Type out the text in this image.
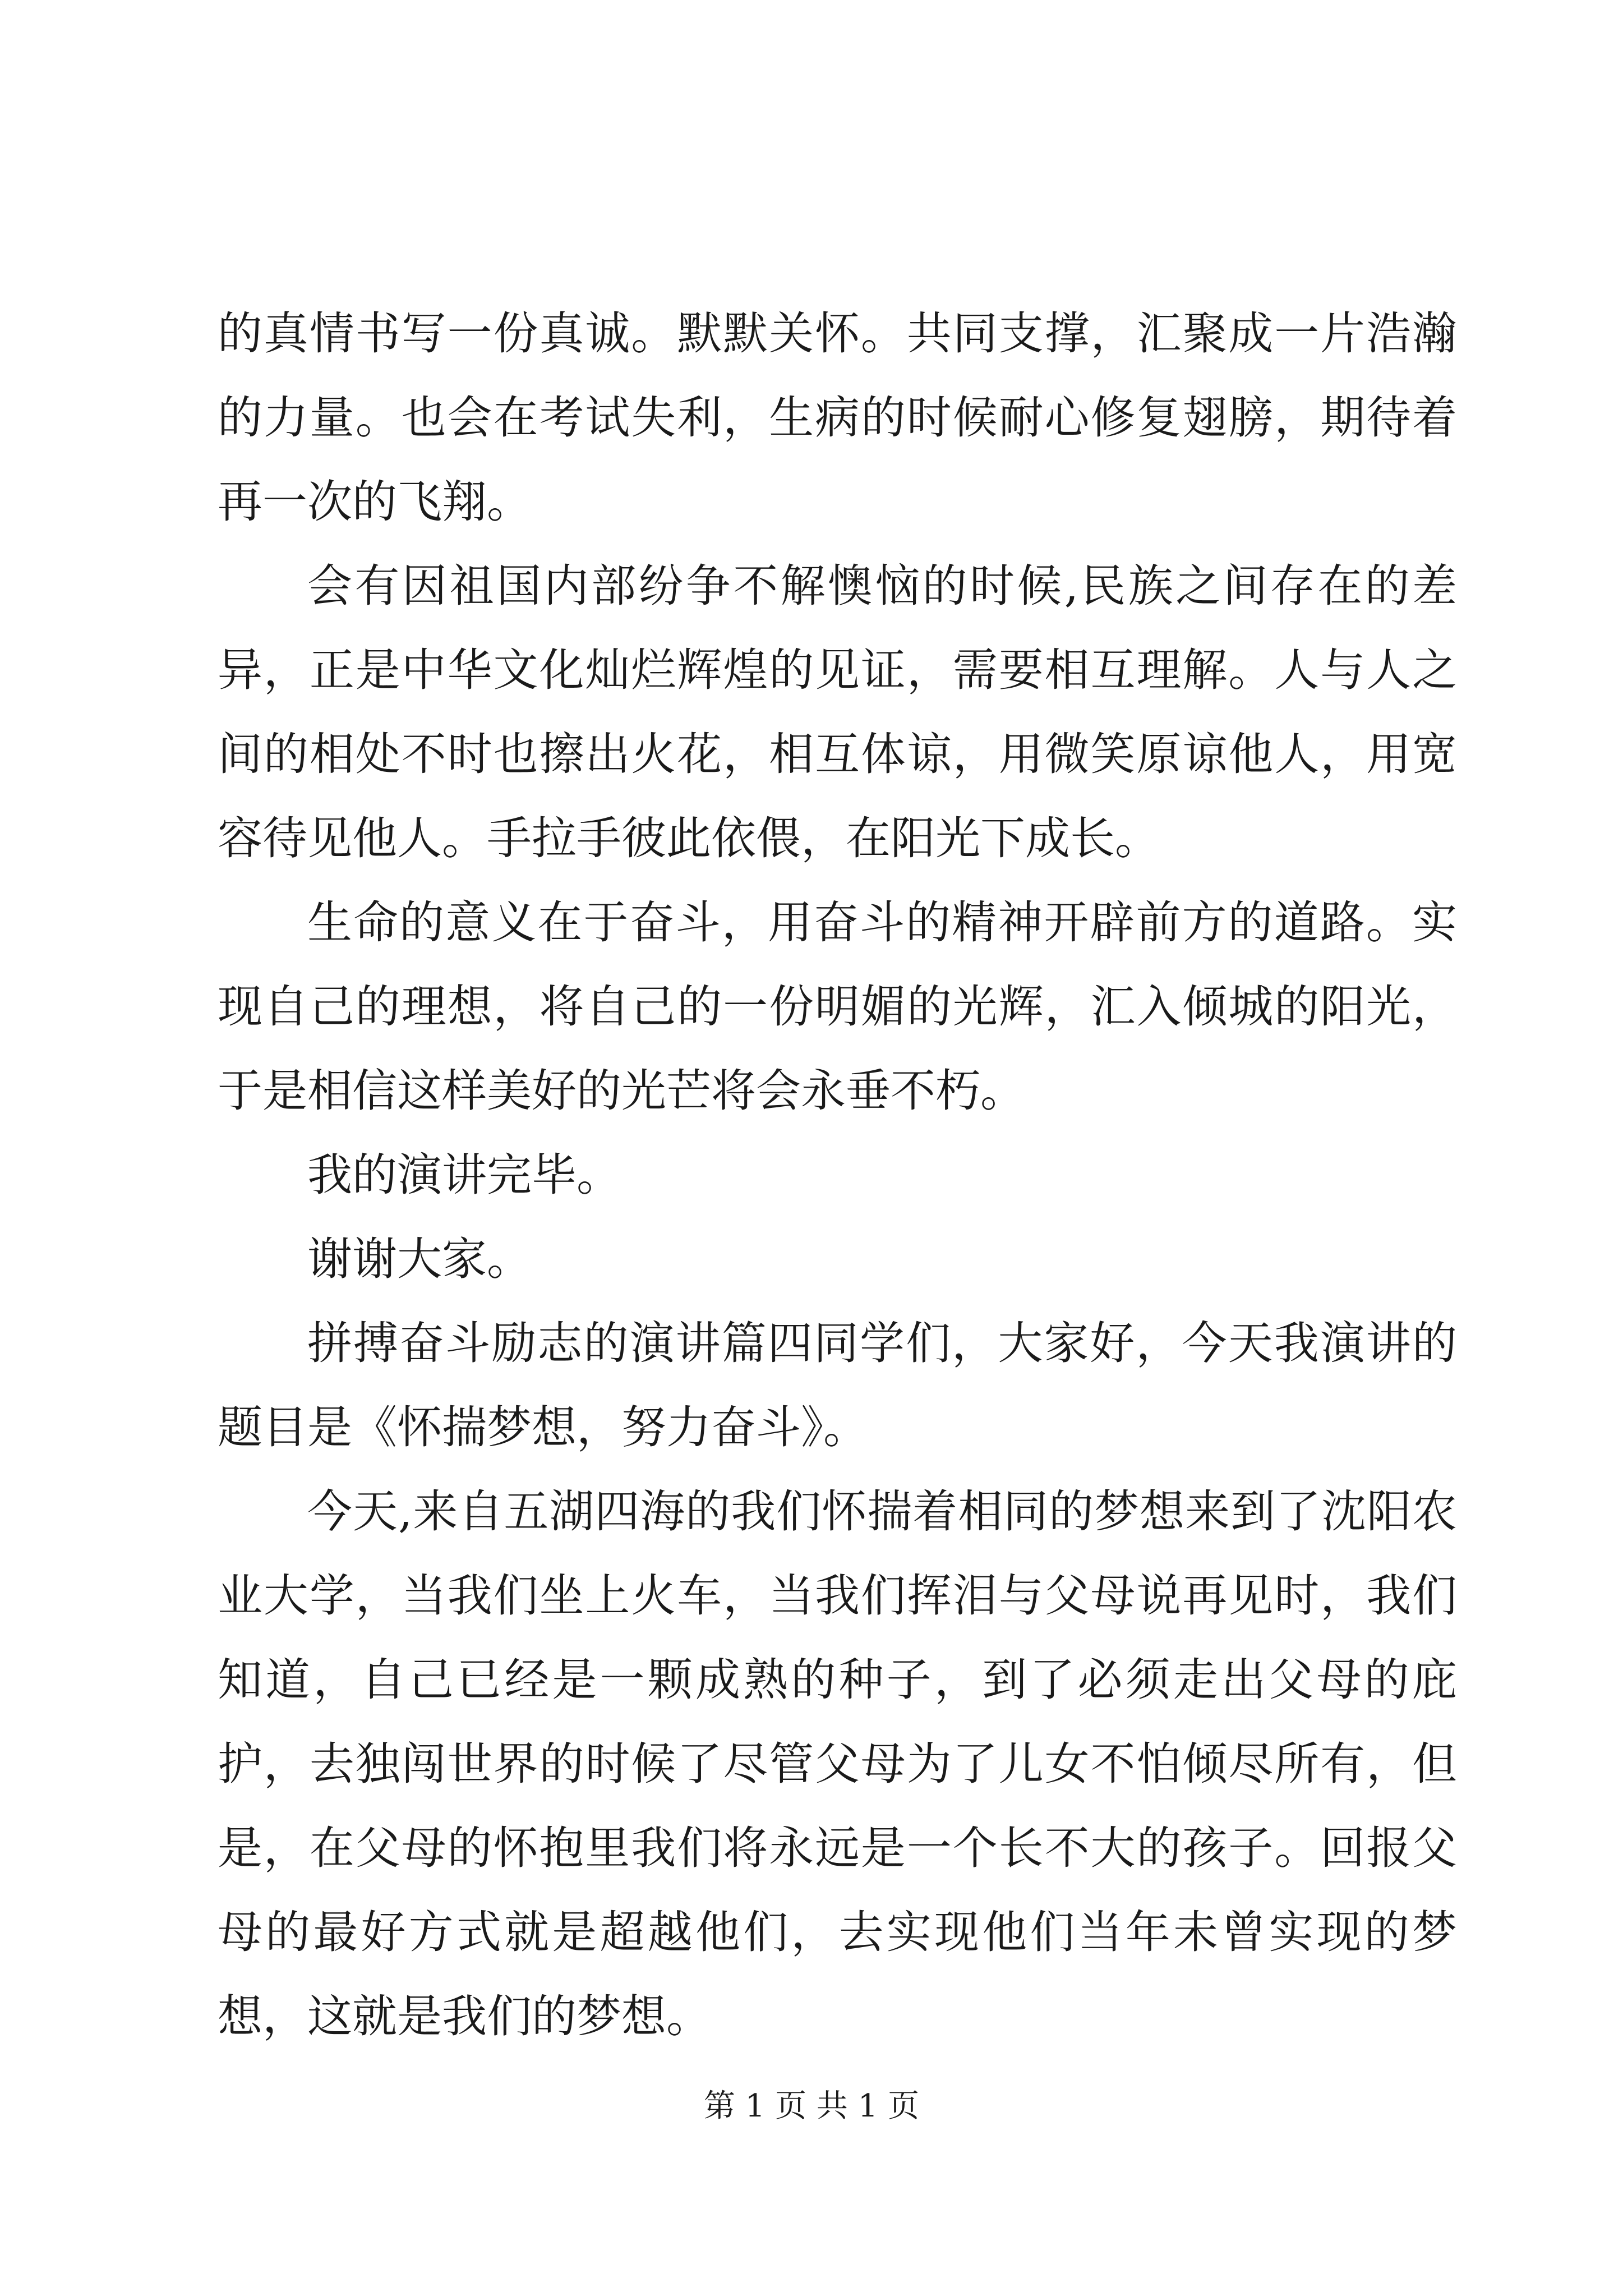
的真情书写一份真诚。默默关怀。共同支撑，汇聚成一片浩瀚的力量。也会在考试失利，生病的时候耐心修复翅膀，期待着再一次的飞翔。

会有因祖国内部纷争不解懊恼的时候,民族之间存在的差异，正是中华文化灿烂辉煌的见证，需要相互理解。人与人之间的相处不时也擦出火花，相互体谅，用微笑原谅他人，用宽容待见他人。手拉手彼此依偎，在阳光下成长。

生命的意义在于奋斗，用奋斗的精神开辟前方的道路。实现自己的理想，将自己的一份明媚的光辉，汇入倾城的阳光，于是相信这样美好的光芒将会永垂不朽。

我的演讲完毕。

谢谢大家。

拼搏奋斗励志的演讲篇四同学们，大家好，今天我演讲的题目是《怀揣梦想，努力奋斗》。

今天,来自五湖四海的我们怀揣着相同的梦想来到了沈阳农业大学，当我们坐上火车，当我们挥泪与父母说再见时，我们知道，自己已经是一颗成熟的种子，到了必须走出父母的庇护，去独闯世界的时候了尽管父母为了儿女不怕倾尽所有，但是，在父母的怀抱里我们将永远是一个长不大的孩子。回报父母的最好方式就是超越他们，去实现他们当年未曾实现的梦想，这就是我们的梦想。

第 1 页 共 1 页
